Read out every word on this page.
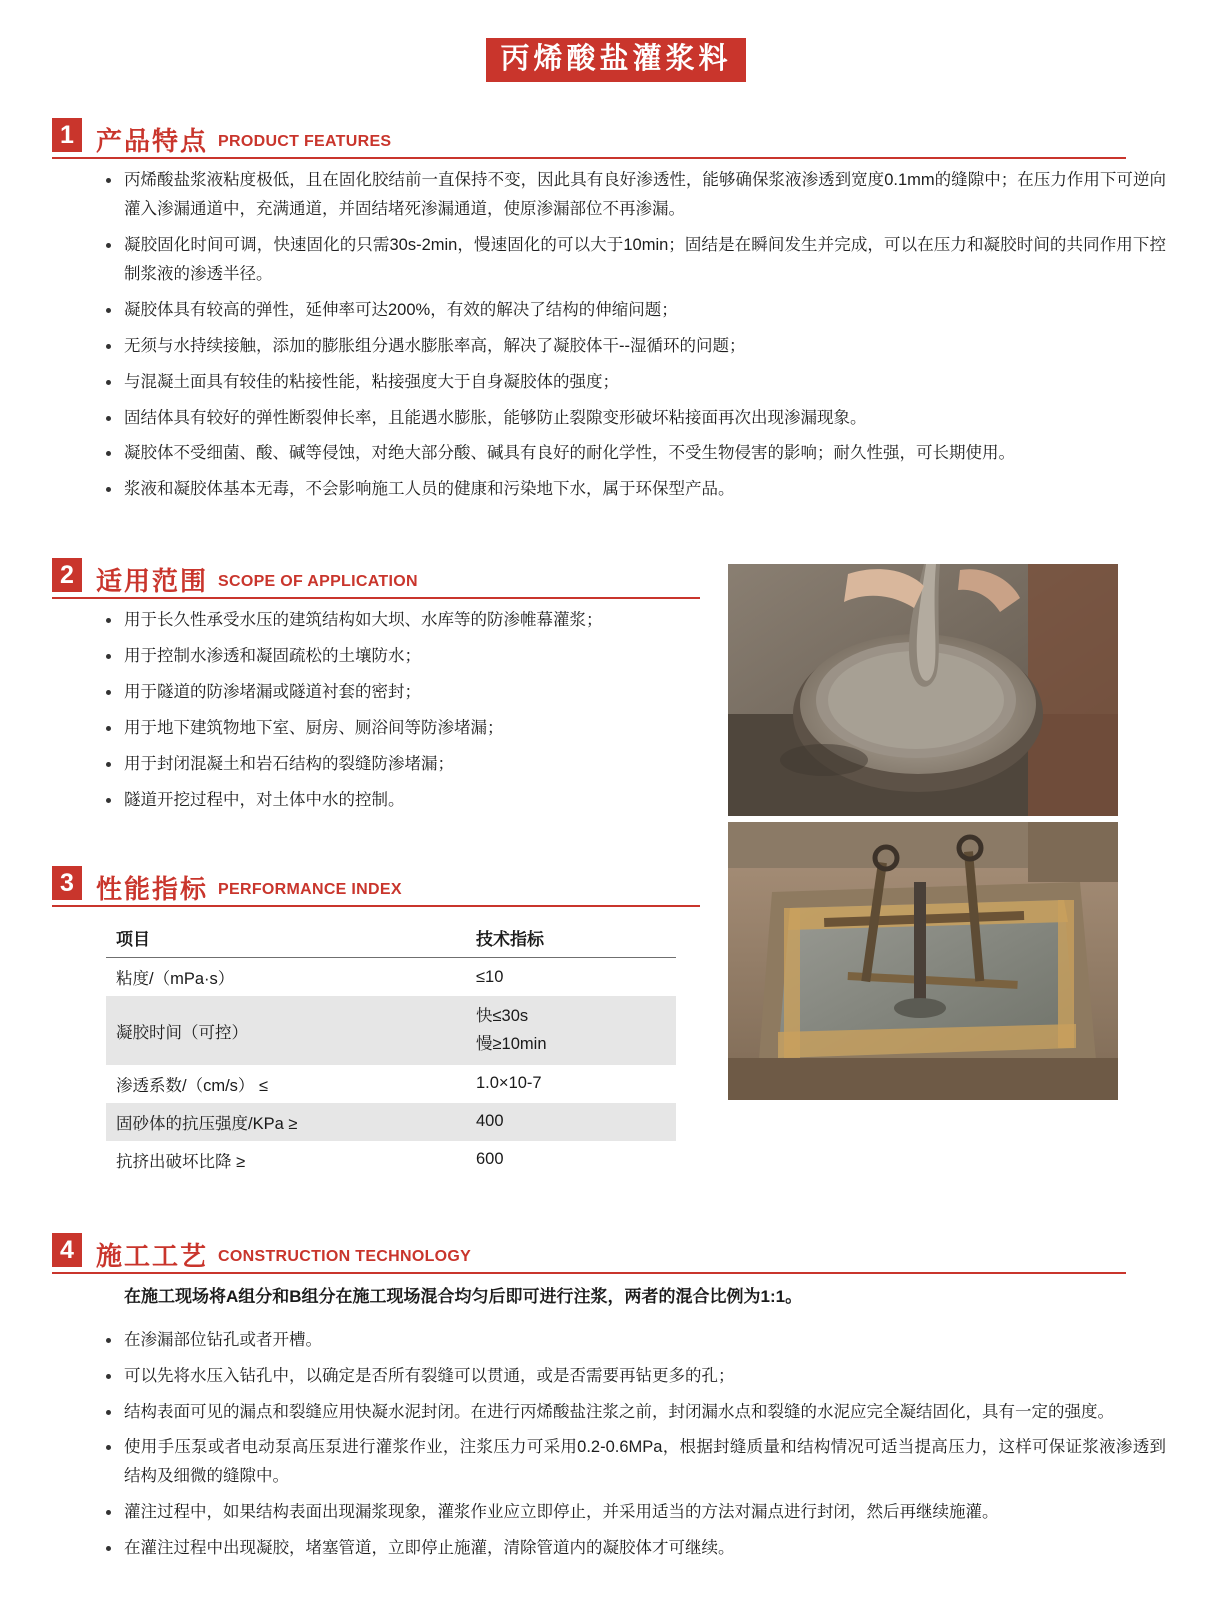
丙烯酸盐灌浆料
1 产品特点 PRODUCT FEATURES
丙烯酸盐浆液粘度极低，且在固化胶结前一直保持不变，因此具有良好渗透性，能够确保浆液渗透到宽度0.1mm的缝隙中；在压力作用下可逆向灌入渗漏通道中，充满通道，并固结堵死渗漏通道，使原渗漏部位不再渗漏。
凝胶固化时间可调，快速固化的只需30s-2min，慢速固化的可以大于10min；固结是在瞬间发生并完成，可以在压力和凝胶时间的共同作用下控制浆液的渗透半径。
凝胶体具有较高的弹性，延伸率可达200%，有效的解决了结构的伸缩问题；
无须与水持续接触，添加的膨胀组分遇水膨胀率高，解决了凝胶体干--湿循环的问题；
与混凝土面具有较佳的粘接性能，粘接强度大于自身凝胶体的强度；
固结体具有较好的弹性断裂伸长率，且能遇水膨胀，能够防止裂隙变形破坏粘接面再次出现渗漏现象。
凝胶体不受细菌、酸、碱等侵蚀，对绝大部分酸、碱具有良好的耐化学性，不受生物侵害的影响；耐久性强，可长期使用。
浆液和凝胶体基本无毒，不会影响施工人员的健康和污染地下水，属于环保型产品。
2 适用范围 SCOPE OF APPLICATION
用于长久性承受水压的建筑结构如大坝、水库等的防渗帷幕灌浆；
用于控制水渗透和凝固疏松的土壤防水；
用于隧道的防渗堵漏或隧道衬套的密封；
用于地下建筑物地下室、厨房、厕浴间等防渗堵漏；
用于封闭混凝土和岩石结构的裂缝防渗堵漏；
隧道开挖过程中，对土体中水的控制。
3 性能指标 PERFORMANCE INDEX
项目	技术指标
粘度/（mPa·s）	≤10
凝胶时间（可控）	快≤30s
慢≥10min

渗透系数/（cm/s） ≤	1.0×10-7
固砂体的抗压强度/KPa ≥	400
抗挤出破坏比降 ≥	600
4 施工工艺 CONSTRUCTION TECHNOLOGY
在施工现场将A组分和B组分在施工现场混合均匀后即可进行注浆，两者的混合比例为1:1。
在渗漏部位钻孔或者开槽。
可以先将水压入钻孔中，以确定是否所有裂缝可以贯通，或是否需要再钻更多的孔；
结构表面可见的漏点和裂缝应用快凝水泥封闭。在进行丙烯酸盐注浆之前，封闭漏水点和裂缝的水泥应完全凝结固化，具有一定的强度。
使用手压泵或者电动泵高压泵进行灌浆作业，注浆压力可采用0.2-0.6MPa，根据封缝质量和结构情况可适当提高压力，这样可保证浆液渗透到结构及细微的缝隙中。
灌注过程中，如果结构表面出现漏浆现象，灌浆作业应立即停止，并采用适当的方法对漏点进行封闭，然后再继续施灌。
在灌注过程中出现凝胶，堵塞管道，立即停止施灌，清除管道内的凝胶体才可继续。
